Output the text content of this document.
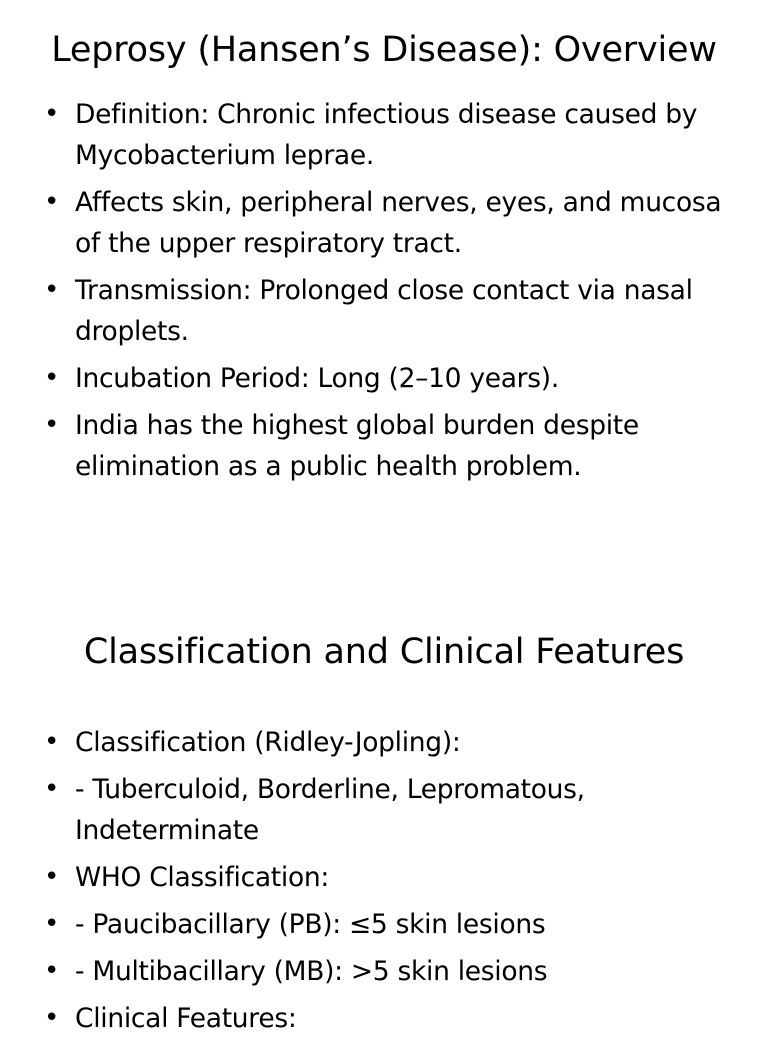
Leprosy (Hansen’s Disease): Overview
• Definition: Chronic infectious disease caused by Mycobacterium leprae.
• Affects skin, peripheral nerves, eyes, and mucosa of the upper respiratory tract.
• Transmission: Prolonged close contact via nasal droplets.
• Incubation Period: Long (2–10 years).
• India has the highest global burden despite elimination as a public health problem.
Classification and Clinical Features
• Classification (Ridley-Jopling):
• - Tuberculoid, Borderline, Lepromatous, Indeterminate
• WHO Classification:
• - Paucibacillary (PB): ≤5 skin lesions
• - Multibacillary (MB): >5 skin lesions
• Clinical Features:
